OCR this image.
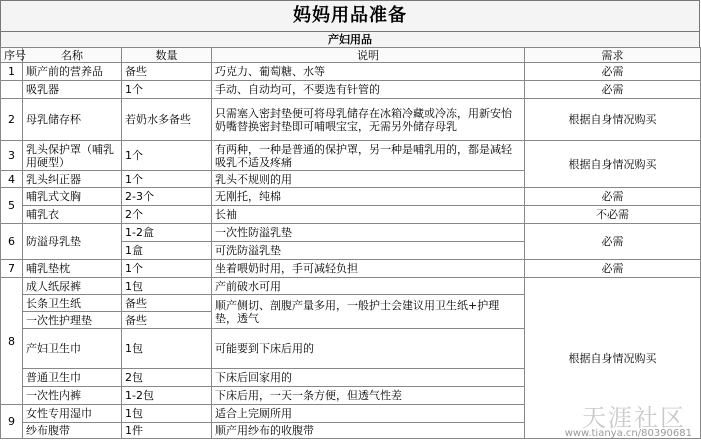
妈妈用品准备
产妇用品
序号	名称	数量	说明	需求
1	顺产前的营养品	备些	巧克力、葡萄糖、水等	必需
	吸乳器	1个	手动、自动均可，不要选有针管的	必需
2	母乳储存杯	若奶水多备些	只需塞入密封垫便可将母乳储存在冰箱冷藏或冷冻，用新安怡奶嘴替换密封垫即可哺喂宝宝，无需另外储存母乳	根据自身情况购买
3	乳头保护罩（哺乳用硬型）	1个	有两种，一种是普通的保护罩，另一种是哺乳用的，都是减轻吸乳不适及疼痛	根据自身情况购买
4	乳头纠正器	1个	乳头不规则的用	
5	哺乳式文胸	2-3个	无刚托，纯棉	必需
	哺乳衣	2个	长袖	不必需
6	防溢母乳垫	1-2盒	一次性防溢乳垫	必需
		1盒	可洗防溢乳垫	
7	哺乳垫枕	1个	坐着喂奶时用，手可减轻负担	必需
8	成人纸尿裤	1包	产前破水可用	根据自身情况购买
	长条卫生纸	备些	顺产侧切、剖腹产量多用，一般护士会建议用卫生纸+护理垫，透气	
	一次性护理垫	备些		
	产妇卫生巾	1包	可能要到下床后用的	
	普通卫生巾	2包	下床后回家用的	
	一次性内裤	1-2包	下床后用，一天一条方便，但透气性差	
9	女性专用湿巾	1包	适合上完厕所用	
	纱布腹带	1件	顺产用纱布的收腹带		天涯社区
www.tianya.cn/80390681
